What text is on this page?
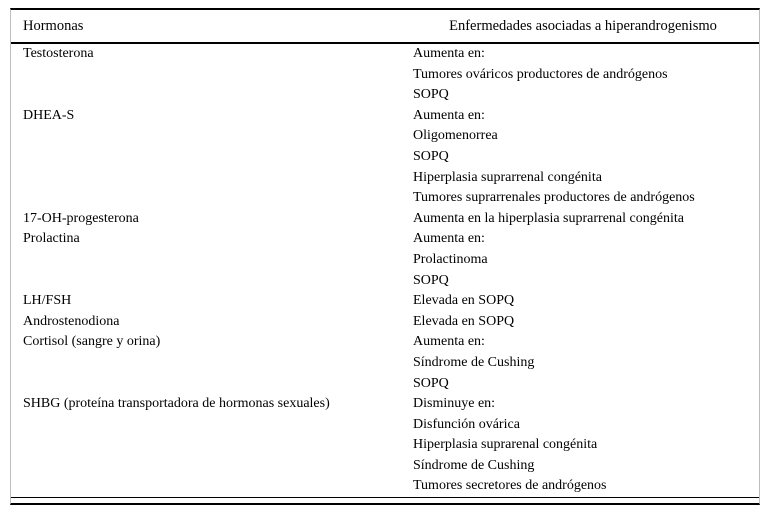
Hormonas	Enfermedades asociadas a hiperandrogenismo
Testosterona	Aumenta en:
Tumores ováricos productores de andrógenos
SOPQ
DHEA-S	Aumenta en:
Oligomenorrea
SOPQ
Hiperplasia suprarrenal congénita
Tumores suprarrenales productores de andrógenos
17-OH-progesterona	Aumenta en la hiperplasia suprarrenal congénita
Prolactina	Aumenta en:
Prolactinoma
SOPQ
LH/FSH	Elevada en SOPQ
Androstenodiona	Elevada en SOPQ
Cortisol (sangre y orina)	Aumenta en:
Síndrome de Cushing
SOPQ
SHBG (proteína transportadora de hormonas sexuales)	Disminuye en:
Disfunción ovárica
Hiperplasia suprarenal congénita
Síndrome de Cushing
Tumores secretores de andrógenos
